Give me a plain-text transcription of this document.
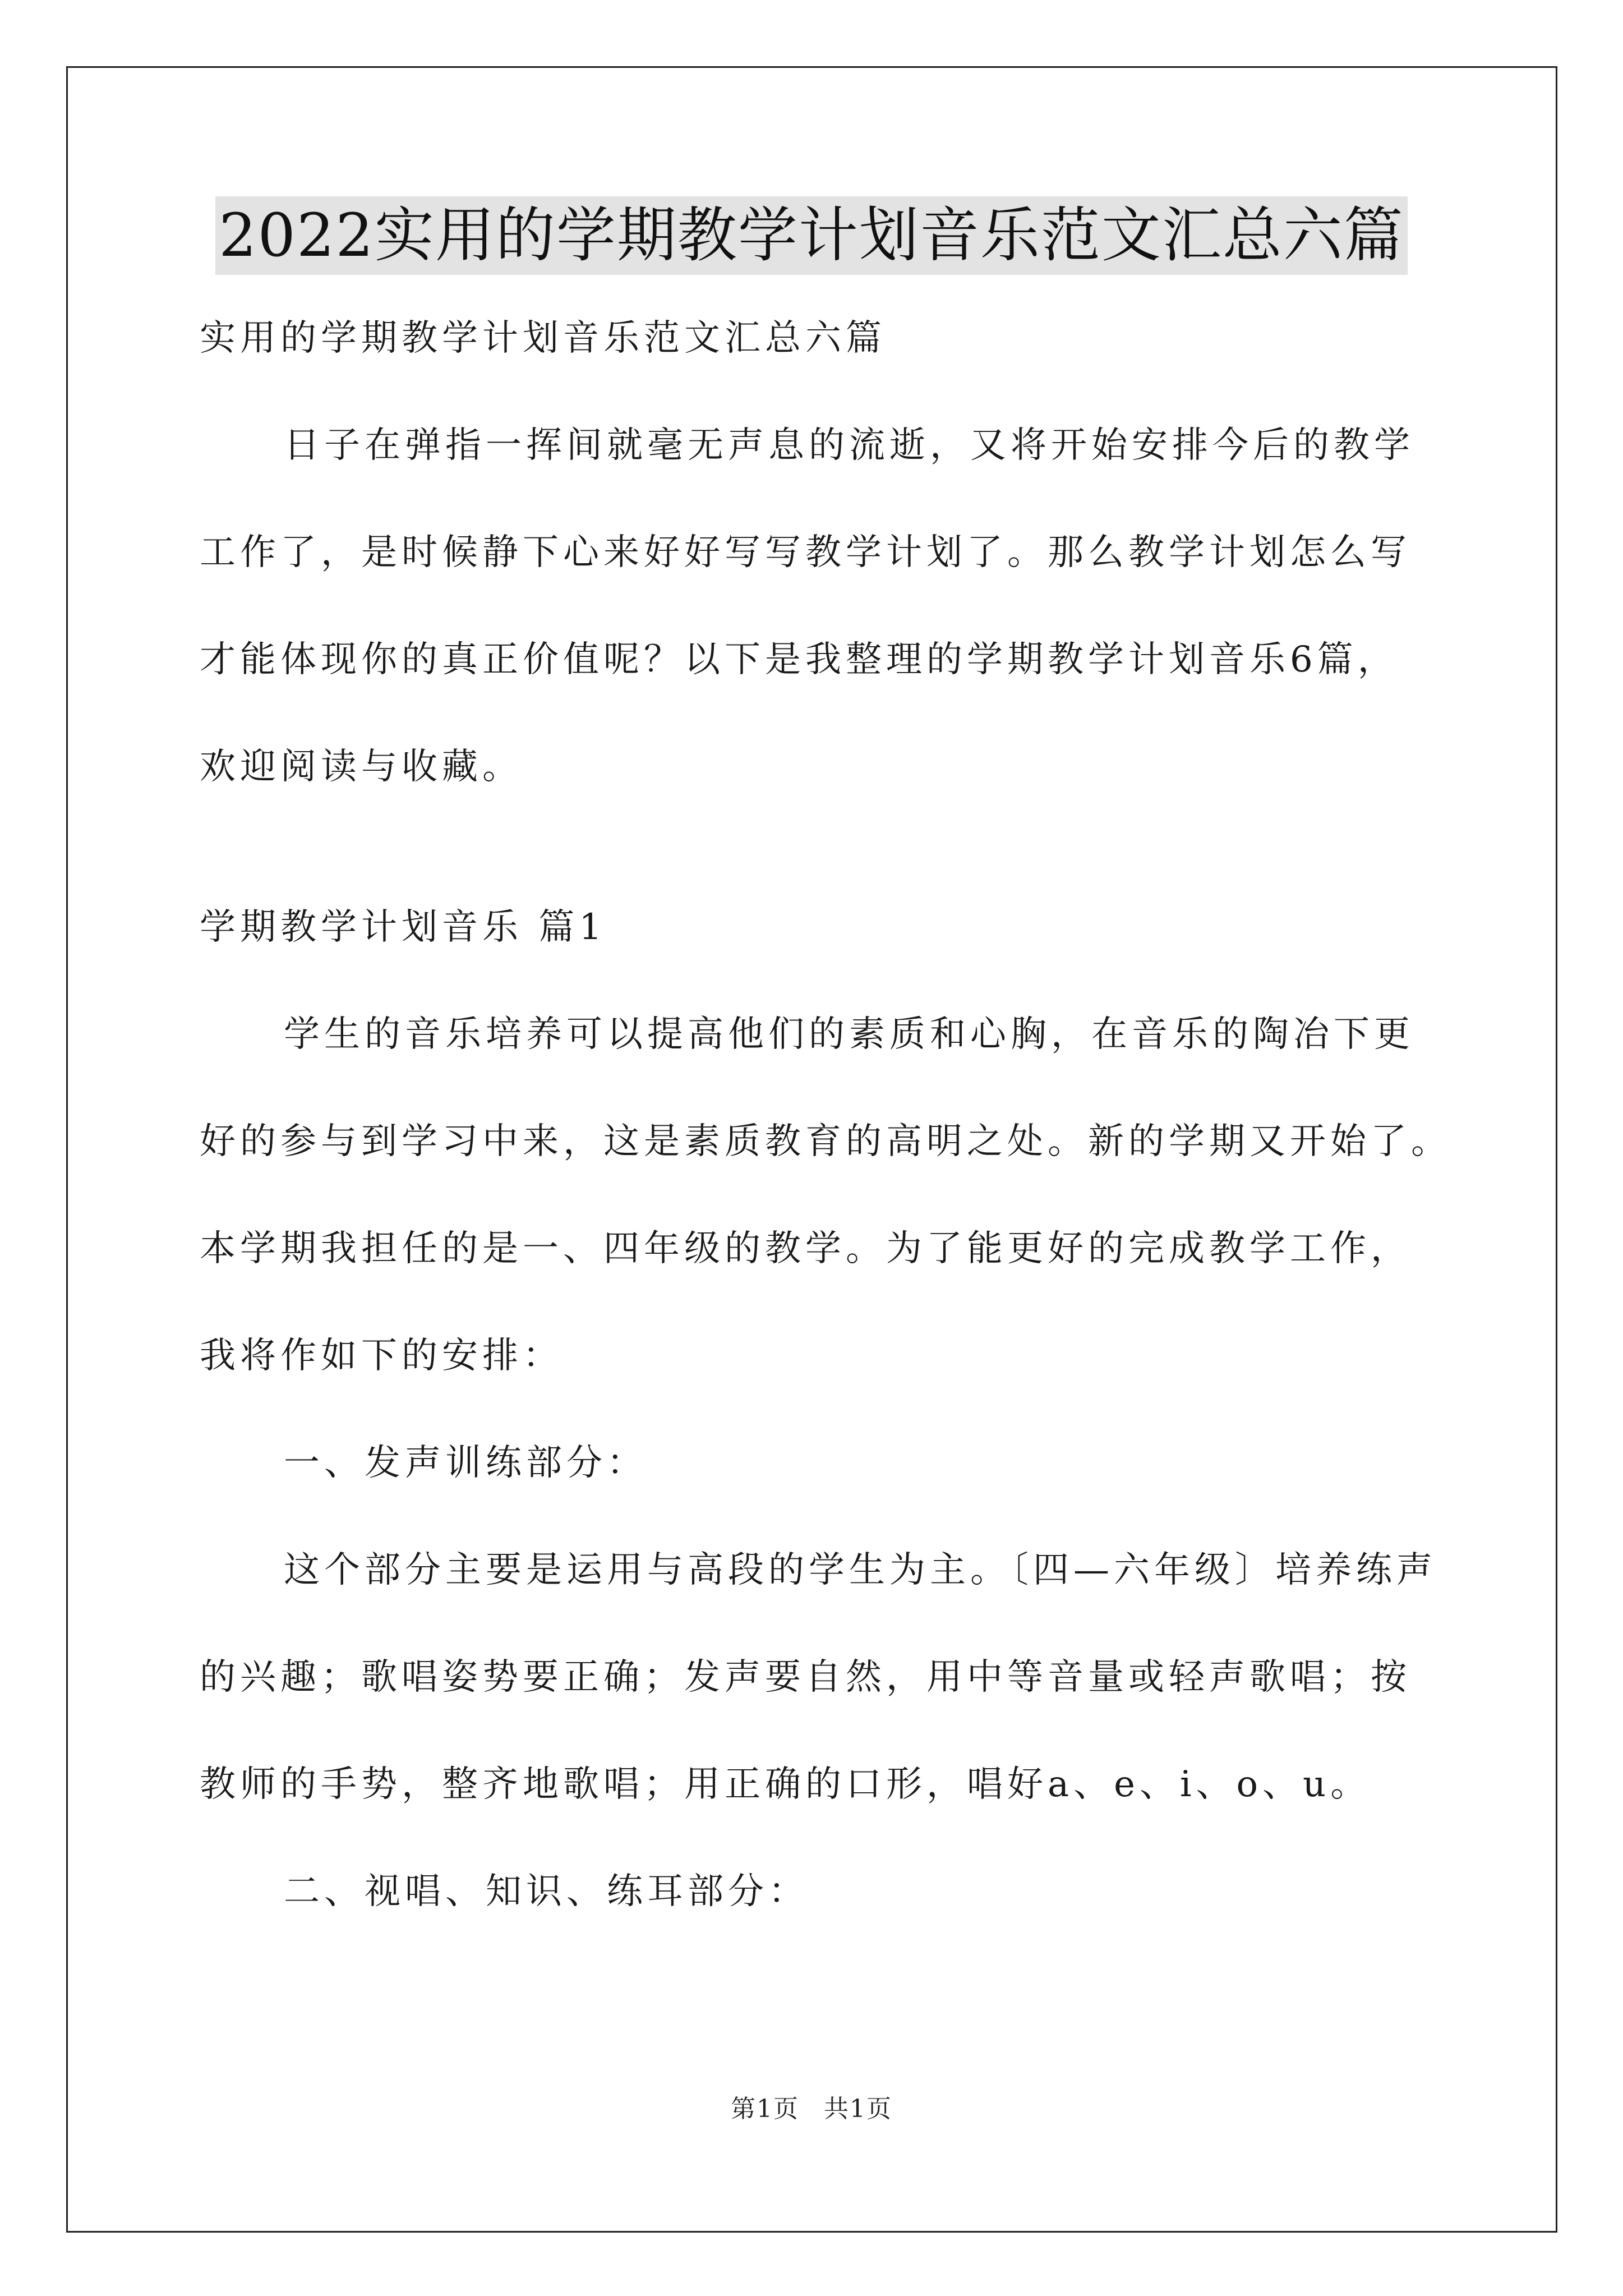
2022实用的学期教学计划音乐范文汇总六篇
实用的学期教学计划音乐范文汇总六篇
日子在弹指一挥间就毫无声息的流逝，又将开始安排今后的教学
工作了，是时候静下心来好好写写教学计划了。那么教学计划怎么写
才能体现你的真正价值呢？以下是我整理的学期教学计划音乐6篇，
欢迎阅读与收藏。
学期教学计划音乐 篇1
学生的音乐培养可以提高他们的素质和心胸，在音乐的陶冶下更
好的参与到学习中来，这是素质教育的高明之处。新的学期又开始了。
本学期我担任的是一、四年级的教学。为了能更好的完成教学工作，
我将作如下的安排：
一、发声训练部分：
这个部分主要是运用与高段的学生为主。〔四—六年级〕培养练声
的兴趣；歌唱姿势要正确；发声要自然，用中等音量或轻声歌唱；按
教师的手势，整齐地歌唱；用正确的口形，唱好a、e、i、o、u。
二、视唱、知识、练耳部分：
第1页 共1页
